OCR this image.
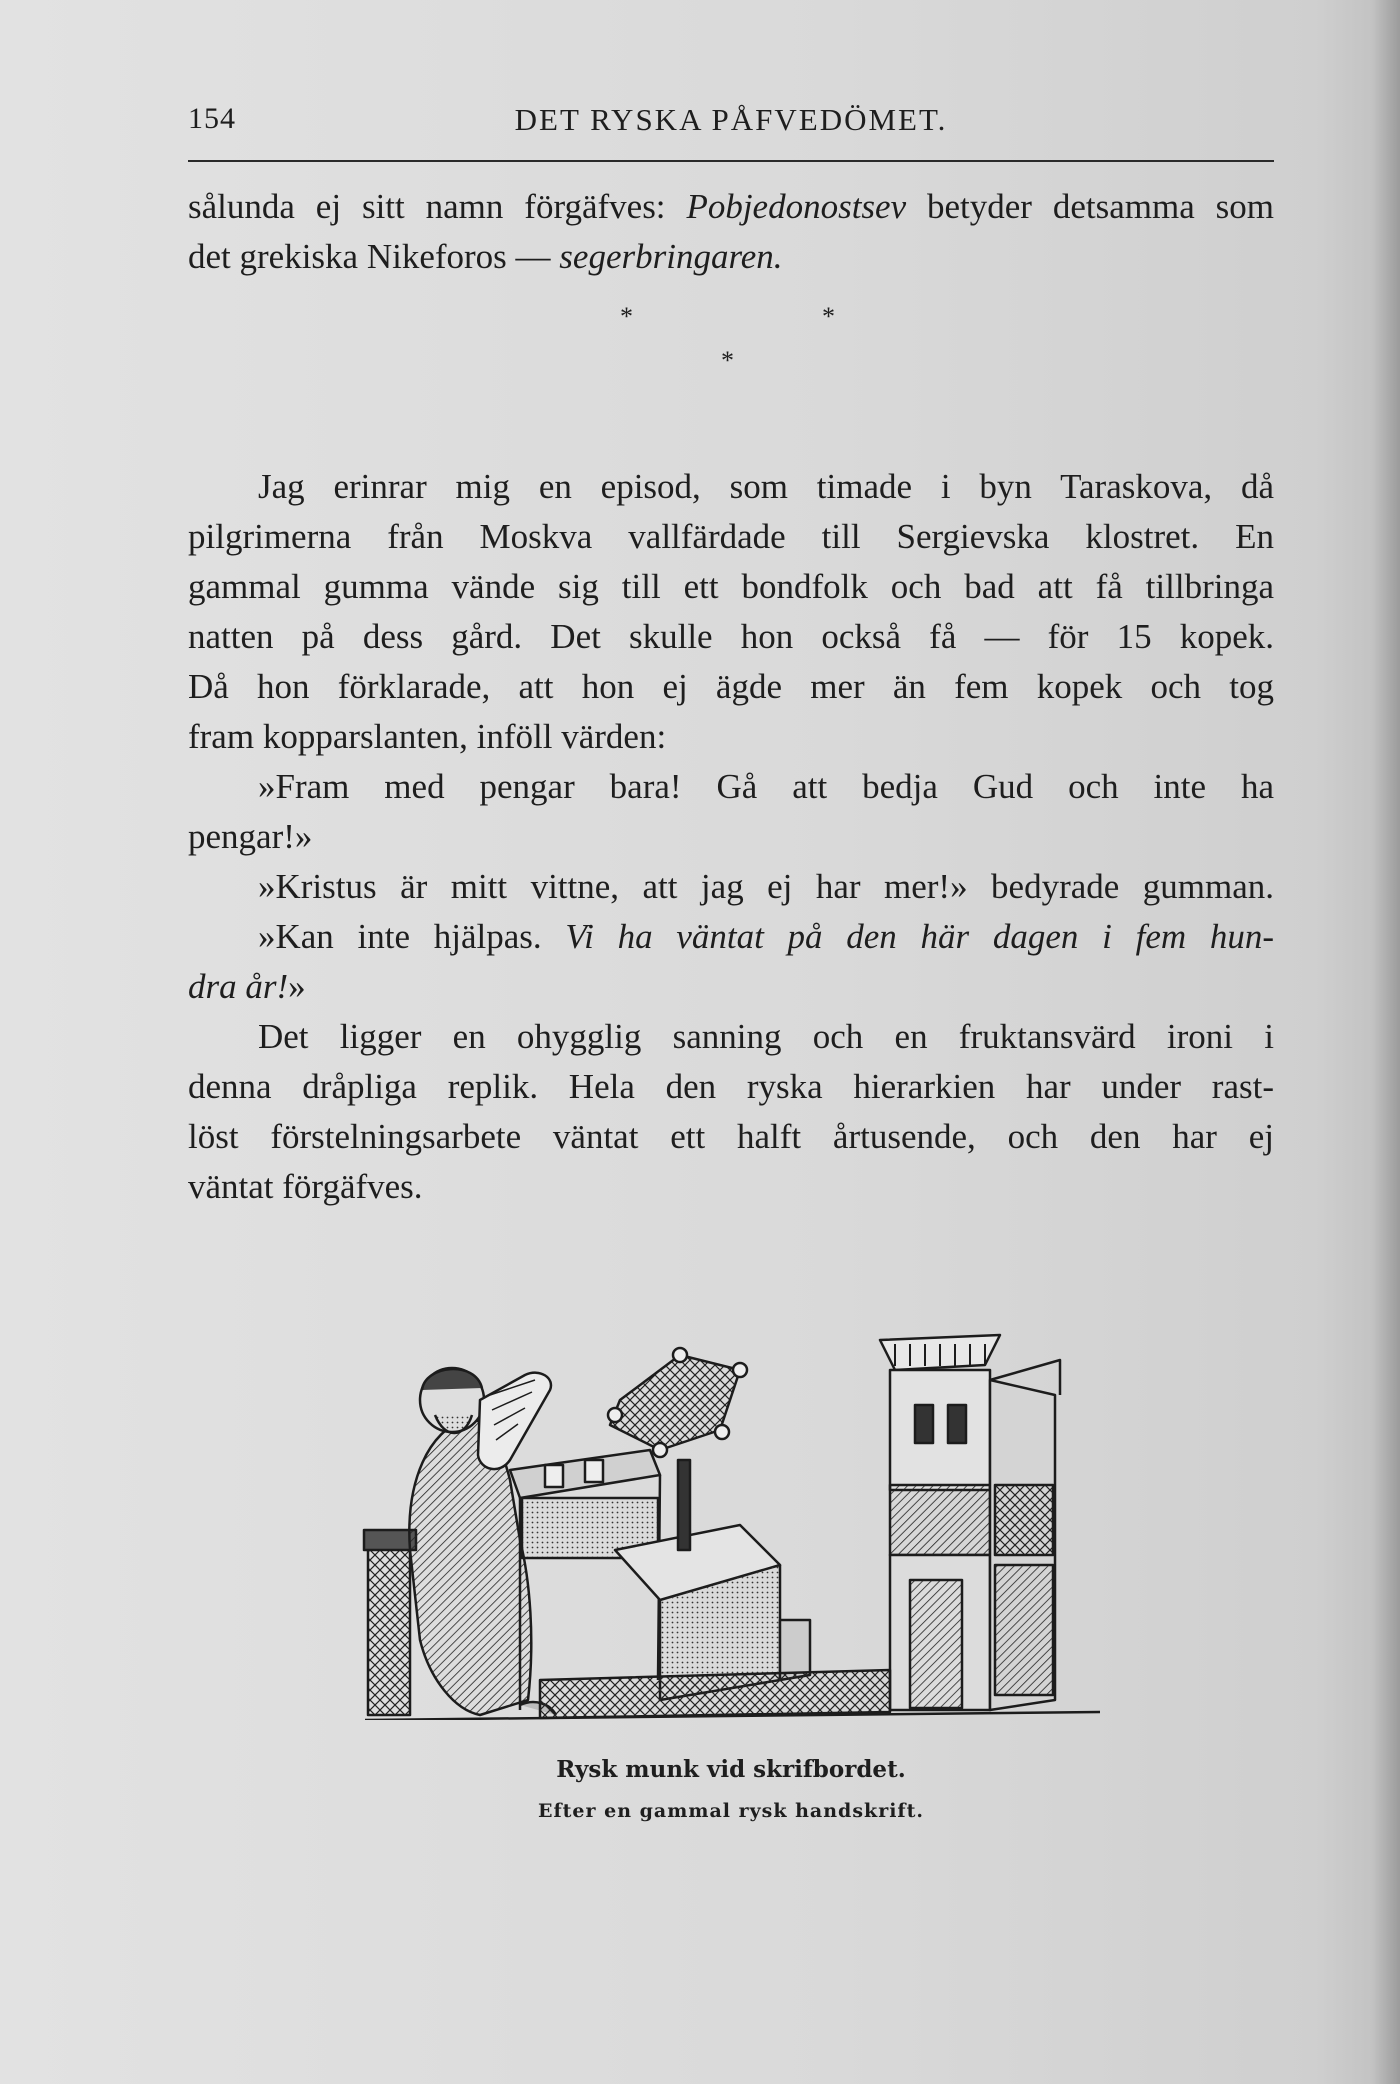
154	DET RYSKA PÅFVEDÖMET.
sålunda ej sitt namn förgäfves: Pobjedonostsev betyder detsamma som
det grekiska Nikeforos — segerbringaren.
*	*
*
Jag erinrar mig en episod, som timade i byn Taraskova, då
pilgrimerna från Moskva vallfärdade till Sergievska klostret. En
gammal gumma vände sig till ett bondfolk och bad att få tillbringa
natten på dess gård. Det skulle hon också få — för 15 kopek.
Då hon förklarade, att hon ej ägde mer än fem kopek och tog
fram kopparslanten, inföll värden:
»Fram med pengar bara! Gå att bedja Gud och inte ha
pengar!»
»Kristus är mitt vittne, att jag ej har mer!» bedyrade gumman.
»Kan inte hjälpas. Vi ha väntat på den här dagen i fem hun-
dra år!»
Det ligger en ohygglig sanning och en fruktansvärd ironi i
denna dråpliga replik. Hela den ryska hierarkien har under rast-
löst förstelningsarbete väntat ett halft årtusende, och den har ej
väntat förgäfves.
Rysk munk vid skrifbordet.
Efter en gammal rysk handskrift.
